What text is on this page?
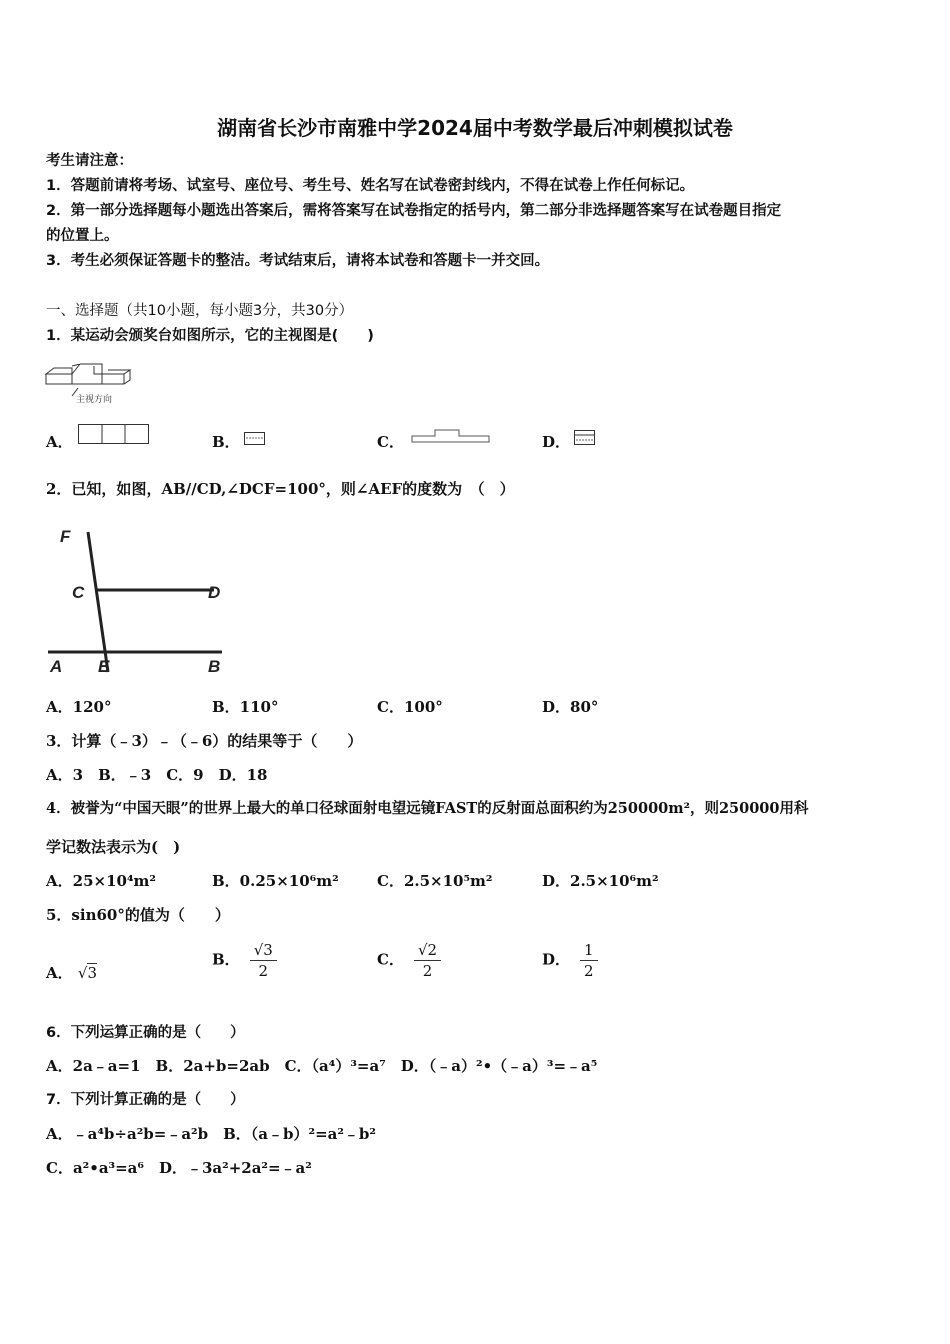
湖南省长沙市南雅中学2024届中考数学最后冲刺模拟试卷
考生请注意：
1．答题前请将考场、试室号、座位号、考生号、姓名写在试卷密封线内，不得在试卷上作任何标记。
2．第一部分选择题每小题选出答案后，需将答案写在试卷指定的括号内，第二部分非选择题答案写在试卷题目指定
的位置上。
3．考生必须保证答题卡的整洁。考试结束后，请将本试卷和答题卡一并交回。
一、选择题（共10小题，每小题3分，共30分）
1．某运动会颁奖台如图所示，它的主视图是(　　)
主视方向
A．	B．	C．	D．
2．已知，如图，AB//CD,∠DCF=100°，则∠AEF的度数为　（　）
F
C	D
A E	B
A．120°	B．110°	C．100°	D．80°
3．计算（﹣3）﹣（﹣6）的结果等于（　　）
A．3　B．﹣3　C．9　D．18
4．被誉为“中国天眼”的世界上最大的单口径球面射电望远镜FAST的反射面总面积约为250000m²，则250000用科
学记数法表示为(　)
A．25×10⁴m²	B．0.25×10⁶m²	C．2.5×10⁵m²	D．2.5×10⁶m²
5．sin60°的值为（　　）
A． √3
B． $\frac{√3}{2}$	C． $\frac{√2}{2}$	D． $\frac{1}{2}$
6．下列运算正确的是（　　）
A．2a﹣a=1　B．2a+b=2ab　C．（a⁴）³=a⁷　D．（﹣a）²•（﹣a）³=﹣a⁵
7．下列计算正确的是（　　）
A．﹣a⁴b÷a²b=﹣a²b　B．（a﹣b）²=a²﹣b²
C．a²•a³=a⁶　D．﹣3a²+2a²=﹣a²
